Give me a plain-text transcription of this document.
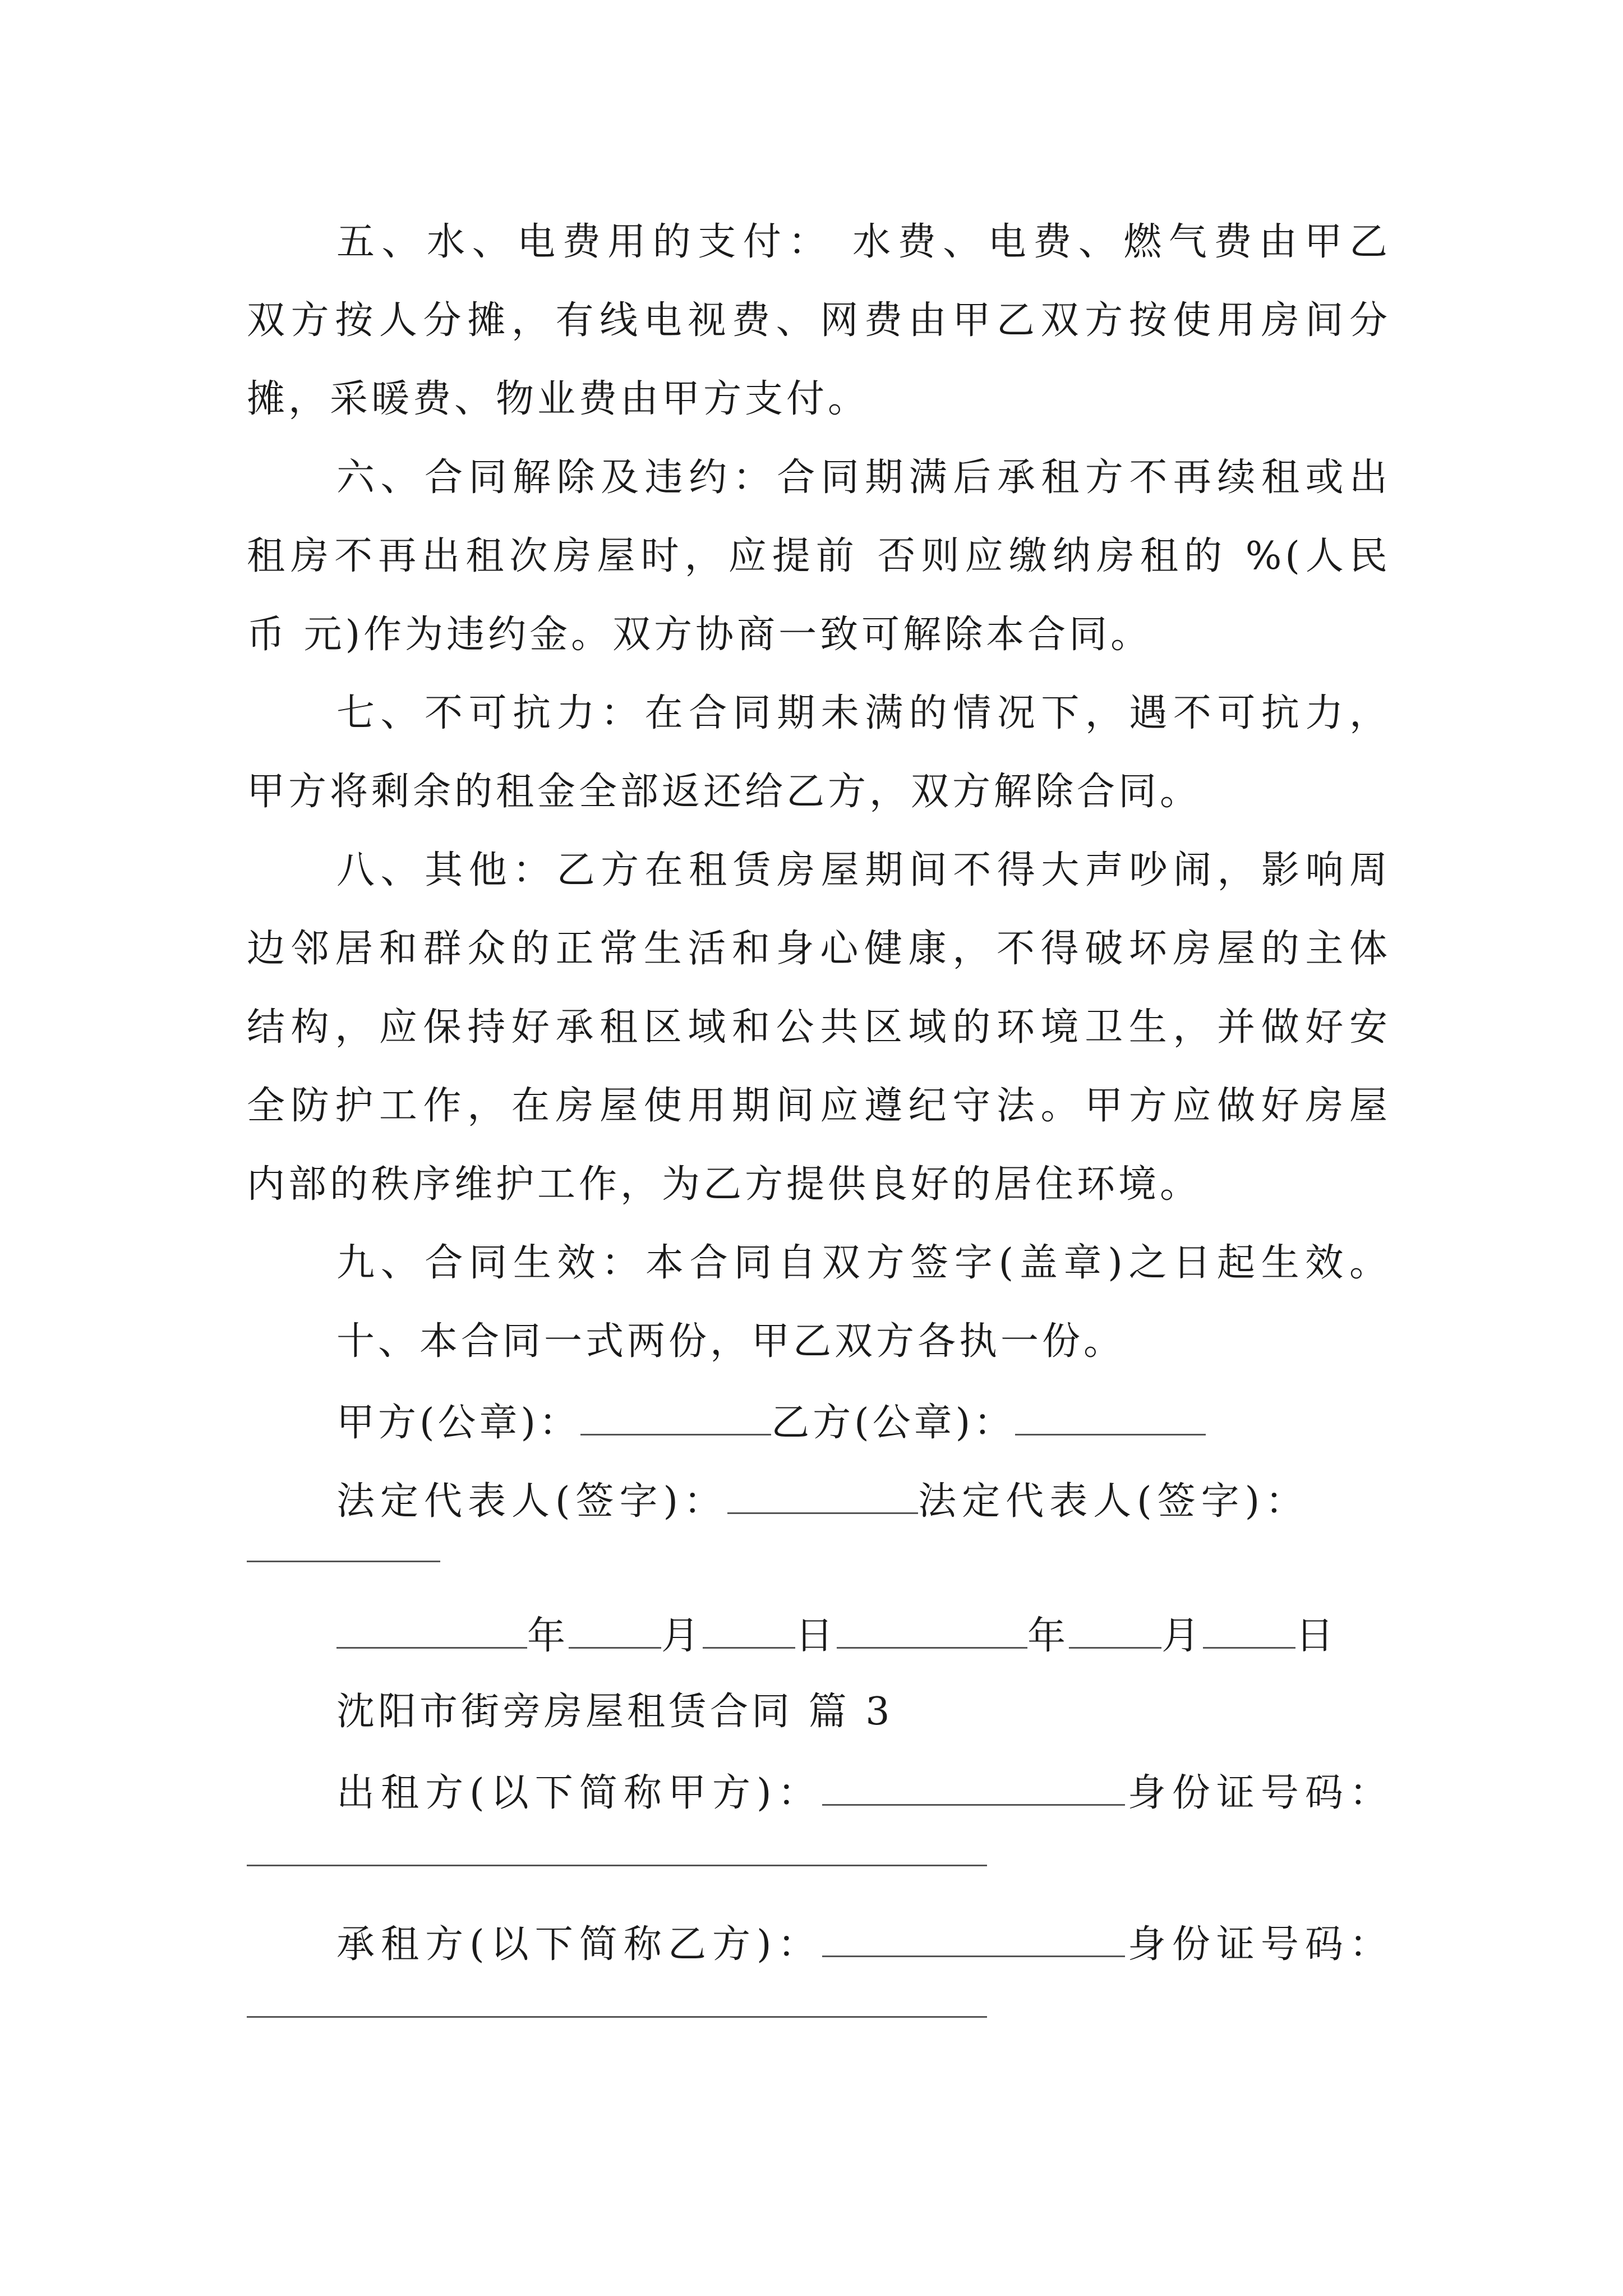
五、水、电费用的支付： 水费、电费、燃气费由甲乙
双方按人分摊，有线电视费、网费由甲乙双方按使用房间分
摊，采暖费、物业费由甲方支付。
六、合同解除及违约：合同期满后承租方不再续租或出
租房不再出租次房屋时，应提前 否则应缴纳房租的 %(人民
币 元)作为违约金。双方协商一致可解除本合同。
七、不可抗力：在合同期未满的情况下，遇不可抗力，
甲方将剩余的租金全部返还给乙方，双方解除合同。
八、其他：乙方在租赁房屋期间不得大声吵闹，影响周
边邻居和群众的正常生活和身心健康，不得破坏房屋的主体
结构，应保持好承租区域和公共区域的环境卫生，并做好安
全防护工作，在房屋使用期间应遵纪守法。甲方应做好房屋
内部的秩序维护工作，为乙方提供良好的居住环境。
九、合同生效：本合同自双方签字(盖章)之日起生效。
十、本合同一式两份，甲乙双方各执一份。
甲方(公章)：	乙方(公章)：
法定代表人(签字)：	法定代表人(签字)：
年 月 日	年 月 日
沈阳市街旁房屋租赁合同 篇 3
出租方(以下简称甲方)：	身份证号码：
承租方(以下简称乙方)：	身份证号码：
